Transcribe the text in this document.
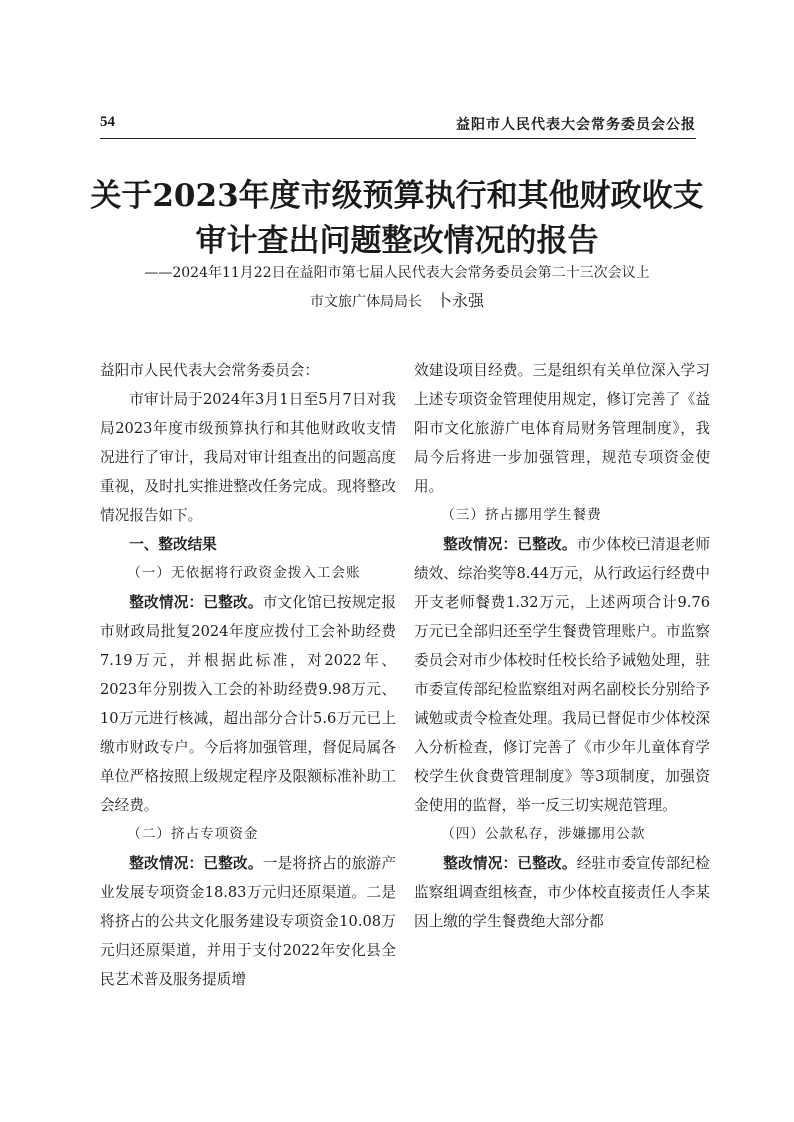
54	益阳市人民代表大会常务委员会公报
关于2023年度市级预算执行和其他财政收支
审计查出问题整改情况的报告
——2024年11月22日在益阳市第七届人民代表大会常务委员会第二十三次会议上
市文旅广体局局长 卜永强

益阳市人民代表大会常务委员会：

市审计局于2024年3月1日至5月7日对我局2023年度市级预算执行和其他财政收支情况进行了审计，我局对审计组查出的问题高度重视，及时扎实推进整改任务完成。现将整改情况报告如下。

一、整改结果

（一）无依据将行政资金拨入工会账

整改情况：已整改。市文化馆已按规定报市财政局批复2024年度应拨付工会补助经费7.19万元，并根据此标准，对2022年、2023年分别拨入工会的补助经费9.98万元、10万元进行核减，超出部分合计5.6万元已上缴市财政专户。今后将加强管理，督促局属各单位严格按照上级规定程序及限额标准补助工会经费。

（二）挤占专项资金

整改情况：已整改。一是将挤占的旅游产业发展专项资金18.83万元归还原渠道。二是将挤占的公共文化服务建设专项资金10.08万元归还原渠道，并用于支付2022年安化县全民艺术普及服务提质增

效建设项目经费。三是组织有关单位深入学习上述专项资金管理使用规定，修订完善了《益阳市文化旅游广电体育局财务管理制度》，我局今后将进一步加强管理，规范专项资金使用。

（三）挤占挪用学生餐费

整改情况：已整改。市少体校已清退老师绩效、综治奖等8.44万元，从行政运行经费中开支老师餐费1.32万元，上述两项合计9.76万元已全部归还至学生餐费管理账户。市监察委员会对市少体校时任校长给予诫勉处理，驻市委宣传部纪检监察组对两名副校长分别给予诫勉或责令检查处理。我局已督促市少体校深入分析检查，修订完善了《市少年儿童体育学校学生伙食费管理制度》等3项制度，加强资金使用的监督，举一反三切实规范管理。

（四）公款私存，涉嫌挪用公款

整改情况：已整改。经驻市委宣传部纪检监察组调查组核查，市少体校直接责任人李某因上缴的学生餐费绝大部分都
